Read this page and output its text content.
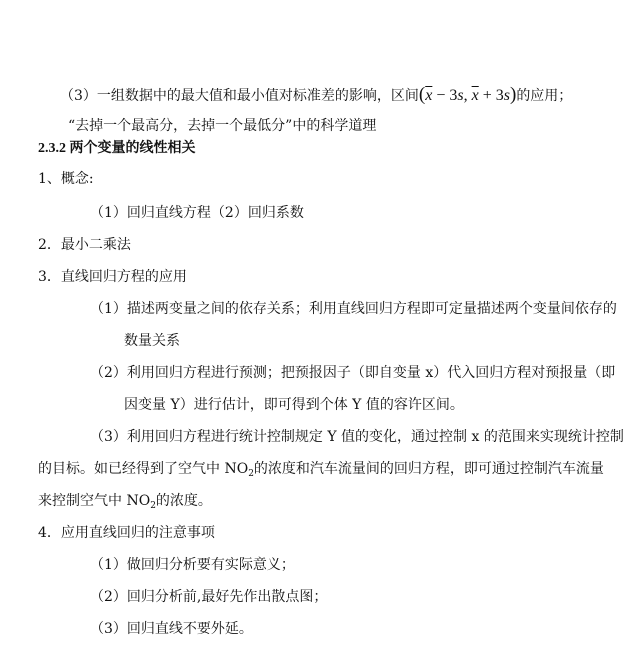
（3）一组数据中的最大值和最小值对标准差的影响，区间($\overline{x} - 3s$, $\overline{x} + 3s$)的应用；
“去掉一个最高分，去掉一个最低分”中的科学道理
2.3.2 两个变量的线性相关
1、概念:
（1）回归直线方程（2）回归系数
2．最小二乘法
3．直线回归方程的应用
（1）描述两变量之间的依存关系；利用直线回归方程即可定量描述两个变量间依存的
数量关系
（2）利用回归方程进行预测；把预报因子（即自变量 x）代入回归方程对预报量（即
因变量 Y）进行估计，即可得到个体 Y 值的容许区间。
（3）利用回归方程进行统计控制规定 Y 值的变化，通过控制 x 的范围来实现统计控制
的目标。如已经得到了空气中 $NO_2$的浓度和汽车流量间的回归方程，即可通过控制汽车流量
来控制空气中 $NO_2$的浓度。
4．应用直线回归的注意事项
（1）做回归分析要有实际意义；
（2）回归分析前,最好先作出散点图；
（3）回归直线不要外延。
